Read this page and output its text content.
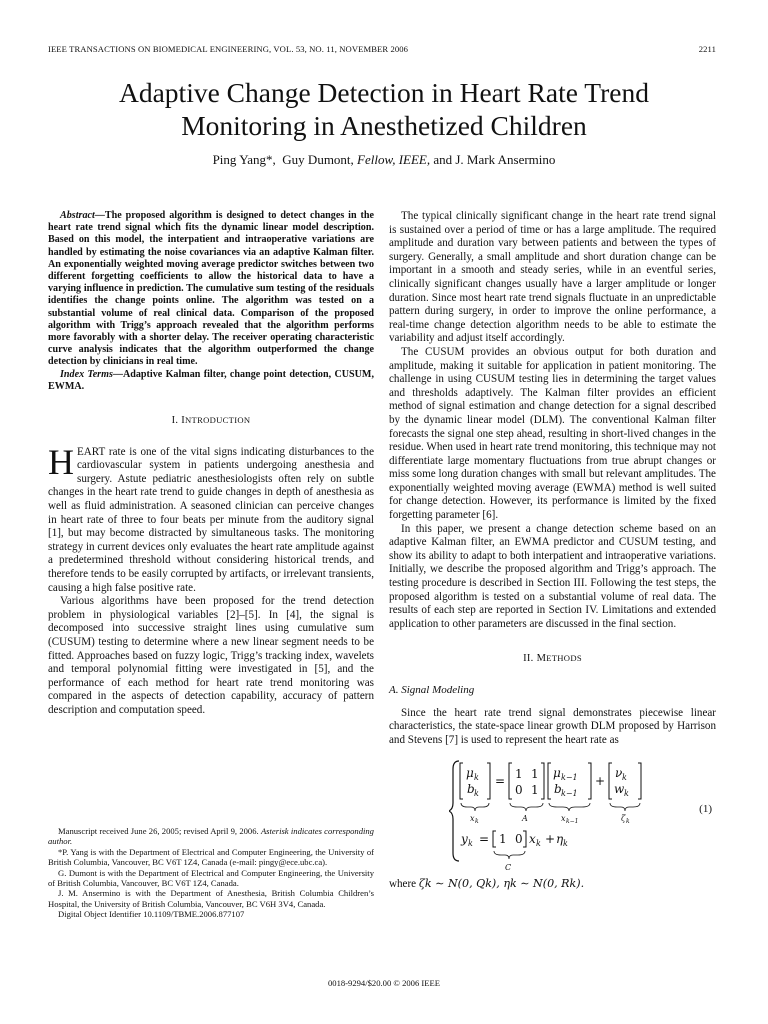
IEEE TRANSACTIONS ON BIOMEDICAL ENGINEERING, VOL. 53, NO. 11, NOVEMBER 2006	2211
Adaptive Change Detection in Heart Rate Trend
Monitoring in Anesthetized Children
Ping Yang*, Guy Dumont, Fellow, IEEE, and J. Mark Ansermino

Abstract—The proposed algorithm is designed to detect changes in the heart rate trend signal which fits the dynamic linear model description. Based on this model, the interpatient and intraoperative variations are handled by estimating the noise covariances via an adaptive Kalman filter. An exponentially weighted moving average predictor switches between two different forgetting coefficients to allow the historical data to have a varying influence in prediction. The cumulative sum testing of the residuals identifies the change points online. The algorithm was tested on a substantial volume of real clinical data. Comparison of the proposed algorithm with Trigg’s approach revealed that the algorithm performs more favorably with a shorter delay. The receiver operating characteristic curve analysis indicates that the algorithm outperformed the change detection by clinicians in real time.

Index Terms—Adaptive Kalman filter, change point detection, CUSUM, EWMA.

I. INTRODUCTION

HEART rate is one of the vital signs indicating disturbances to the cardiovascular system in patients undergoing anesthesia and surgery. Astute pediatric anesthesiologists often rely on subtle changes in the heart rate trend to guide changes in depth of anesthesia as well as fluid administration. A seasoned clinician can perceive changes in heart rate of three to four beats per minute from the auditory signal [1], but may become distracted by simultaneous tasks. The monitoring strategy in current devices only evaluates the heart rate amplitude against a predetermined threshold without considering historical trends, and therefore tends to be easily corrupted by artifacts, or irrelevant transients, causing a high false positive rate.

Various algorithms have been proposed for the trend detection problem in physiological variables [2]–[5]. In [4], the signal is decomposed into successive straight lines using cumulative sum (CUSUM) testing to determine where a new linear segment needs to be fitted. Approaches based on fuzzy logic, Trigg’s tracking index, wavelets and temporal polynomial fitting were investigated in [5], and the performance of each method for heart rate trend monitoring was compared in the aspects of detection capability, accuracy of pattern description and computation speed.

Manuscript received June 26, 2005; revised April 9, 2006. Asterisk indicates corresponding author.

*P. Yang is with the Department of Electrical and Computer Engineering, the University of British Columbia, Vancouver, BC V6T 1Z4, Canada (e-mail: pingy@ece.ubc.ca).

G. Dumont is with the Department of Electrical and Computer Engineering, the University of British Columbia, Vancouver, BC V6T 1Z4, Canada.

J. M. Ansermino is with the Department of Anesthesia, British Columbia Children’s Hospital, the University of British Columbia, Vancouver, BC V6H 3V4, Canada.

Digital Object Identifier 10.1109/TBME.2006.877107

The typical clinically significant change in the heart rate trend signal is sustained over a period of time or has a large amplitude. The required amplitude and duration vary between patients and between the types of surgery. Generally, a small amplitude and short duration change can be important in a smooth and steady series, while in an eventful series, clinically significant changes usually have a larger amplitude or longer duration. Since most heart rate trend signals fluctuate in an unpredictable pattern during surgery, in order to improve the online performance, a real-time change detection algorithm needs to be able to estimate the variability and adjust itself accordingly.

The CUSUM provides an obvious output for both duration and amplitude, making it suitable for application in patient monitoring. The challenge in using CUSUM testing lies in determining the target values and thresholds adaptively. The Kalman filter provides an efficient method of signal estimation and change detection for a signal described by the dynamic linear model (DLM). The conventional Kalman filter forecasts the signal one step ahead, resulting in short-lived changes in the residue. When used in heart rate trend monitoring, this technique may not differentiate large momentary fluctuations from true abrupt changes or miss some long duration changes with small but relevant amplitudes. The exponentially weighted moving average (EWMA) method is well suited for change detection. However, its performance is limited by the fixed forgetting parameter [6].

In this paper, we present a change detection scheme based on an adaptive Kalman filter, an EWMA predictor and CUSUM testing, and show its ability to adapt to both interpatient and intraoperative variations. Initially, we describe the proposed algorithm and Trigg’s approach. The testing procedure is described in Section III. Following the test steps, the proposed algorithm is tested on a substantial volume of real data. The results of each step are reported in Section IV. Limitations and extended application to other parameters are discussed in the final section.

II. METHODS
A. Signal Modeling

Since the heart rate trend signal demonstrates piecewise linear characteristics, the state-space linear growth DLM proposed by Harrison and Stevens [7] is used to represent the heart rate as

μ k
b k
x k
= 1 1
0 1
A
μ k−1
b k−1
x k−1
+
ν k
w k
ζ k
y k = 1 0 x k + η k
C
(1)
where ζk ∼ N(0, Qk), ηk ∼ N(0, Rk).
0018-9294/$20.00 © 2006 IEEE
